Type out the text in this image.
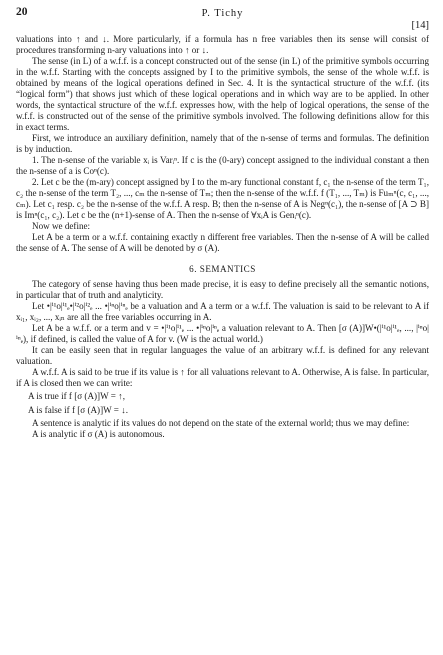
20	P. Tichy
[14]

valuations into ↑ and ↓. More particularly, if a formula has n free variables then its sense will consist of procedures transforming n-ary valuations into ↑ or ↓.

The sense (in L) of a w.f.f. is a concept constructed out of the sense (in L) of the primitive symbols occurring in the w.f.f. Starting with the concepts assigned by I to the primitive symbols, the sense of the whole w.f.f. is obtained by means of the logical operations defined in Sec. 4. It is the syntactical structure of the w.f.f. (its “logical form”) that shows just which of these logical operations and in which way are to be applied. In other words, the syntactical structure of the w.f.f. expresses how, with the help of logical operations, the sense of the w.f.f. is constructed out of the sense of the primitive symbols involved. The following definitions allow for this in exact terms.

First, we introduce an auxiliary definition, namely that of the n-sense of terms and formulas. The definition is by induction.

1. The n-sense of the variable xᵢ is Varᵢⁿ. If c is the (0-ary) concept assigned to the individual constant a then the n-sense of a is Coⁿ(c).

2. Let c be the (m-ary) concept assigned by I to the m-ary functional constant f, c₁ the n-sense of the term T₁, c₂ the n-sense of the term T₂, ..., cₘ the n-sense of Tₘ; then the n-sense of the w.f.f. f (T₁, ..., Tₘ) is Fuₘⁿ(c, c₁, ..., cₘ). Let c₁ resp. c₂ be the n-sense of the w.f.f. A resp. B; then the n-sense of A is Negⁿ(c₁), the n-sense of [A ⊃ B] is Imⁿ(c₁, c₂). Let c be the (n+1)-sense of A. Then the n-sense of ∀xᵢA is Genᵢⁿ(c).

Now we define:

Let A be a term or a w.f.f. containing exactly n different free variables. Then the n-sense of A will be called the sense of A. The sense of A will be denoted by σ (A).

6. SEMANTICS

The category of sense having thus been made precise, it is easy to define precisely all the semantic notions, in particular that of truth and analyticity.

Let •|ⁱ¹o|ⁱ¹ₑ•|ⁱ²o|ⁱ²ₑ ... •|ⁱⁿo|ⁱⁿₑ be a valuation and A a term or a w.f.f. The valuation is said to be relevant to A if xᵢ₁, xᵢ₂, ..., xᵢₙ are all the free variables occurring in A.

Let A be a w.f.f. or a term and v = •|ⁱ¹o|ⁱ¹ₑ ... •|ⁱⁿo|ⁱⁿₑ a valuation relevant to A. Then [σ (A)]W•(|ⁱ¹o|ⁱ¹ₑ, ..., |ⁱⁿo|ⁱⁿₑ), if defined, is called the value of A for v. (W is the actual world.)

It can be easily seen that in regular languages the value of an arbitrary w.f.f. is defined for any relevant valuation.

A w.f.f. A is said to be true if its value is ↑ for all valuations relevant to A. Otherwise, A is false. In particular, if A is closed then we can write:

A is true if f [σ (A)]W = ↑,
A is false if f [σ (A)]W = ↓.

A sentence is analytic if its values do not depend on the state of the external world; thus we may define:

A is analytic if σ (A) is autonomous.
